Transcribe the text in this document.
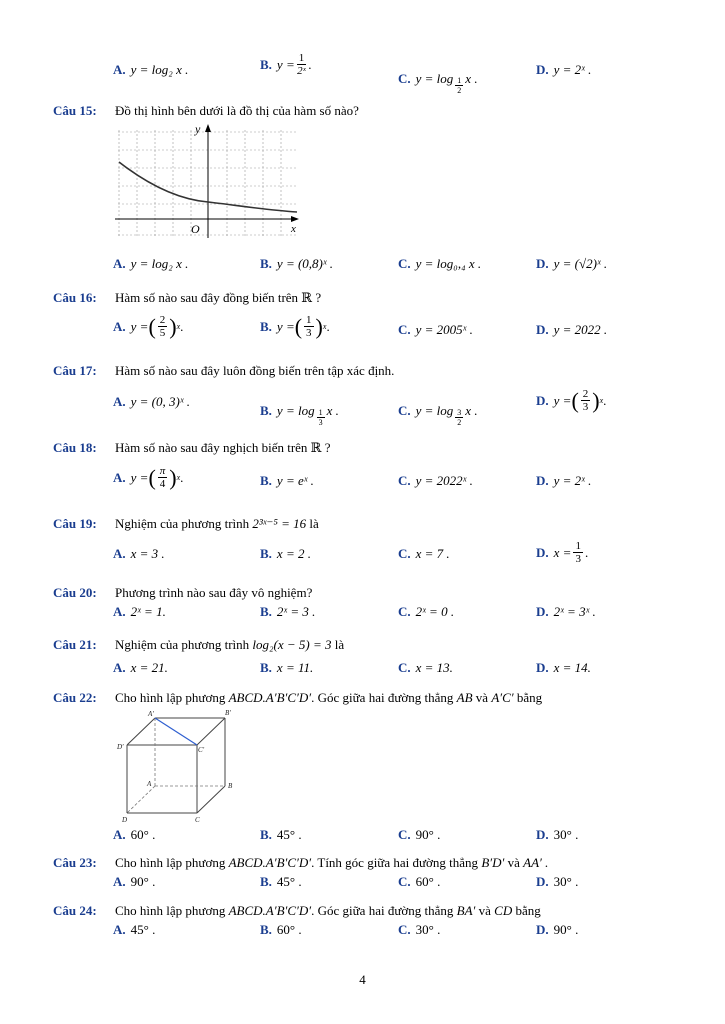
A. y = log₂ x .	B. $y = \frac{1}{\text{2ˣ}}$ .
C. $y = \log \frac{1}{2}$ x .
D. y = 2ˣ .
Câu 15: Đồ thị hình bên dưới là đồ thị của hàm số nào?
y
x
O
A. y = log₂ x .	B. y = (0,8)ˣ .	C. y = log₀,₄ x .	D. y = (√2)ˣ .
Câu 16: Hàm số nào sau đây đồng biến trên ℝ ?
A. y = ( $\frac{2}{5}$ ) x .	B. y = ( $\frac{1}{3}$ ) x .	C. y = 2005ˣ .	D. y = 2022 .
Câu 17: Hàm số nào sau đây luôn đồng biến trên tập xác định.
A. y = (0, 3)ˣ .
B. $y = \log \frac{1}{3}$ x .	C. $y = \log \frac{3}{2}$ x .
D. y = ( $\frac{2}{3}$ ) x .
Câu 18: Hàm số nào sau đây nghịch biến trên ℝ ?
A. y = ( $\frac{\pi}{4}$ ) x .	B. y = eˣ .	C. y = 2022ˣ .	D. y = 2ˣ .
Câu 19: Nghiệm của phương trình 2³ˣ⁻⁵ = 16 là
A. x = 3 .	B. x = 2 .	C. x = 7 .	D. $x = \frac{1}{3}$ .
Câu 20: Phương trình nào sau đây vô nghiệm?
A. 2ˣ = 1.	B. 2ˣ = 3 .	C. 2ˣ = 0 .	D. 2ˣ = 3ˣ .
Câu 21: Nghiệm của phương trình log₂(x − 5) = 3 là
A. x = 21.	B. x = 11.	C. x = 13.	D. x = 14.
Câu 22: Cho hình lập phương ABCD.A′B′C′D′. Góc giữa hai đường thẳng AB và A′C′ bằng
A′	B′
C′
D′
A	B
C
D
A. 60° .	B. 45° .	C. 90° .	D. 30° .
Câu 23: Cho hình lập phương ABCD.A′B′C′D′. Tính góc giữa hai đường thẳng B′D′ và AA′ .
A. 90° .	B. 45° .	C. 60° .	D. 30° .
Câu 24: Cho hình lập phương ABCD.A′B′C′D′. Góc giữa hai đường thẳng BA′ và CD bằng
A. 45° .	B. 60° .	C. 30° .	D. 90° .
4
